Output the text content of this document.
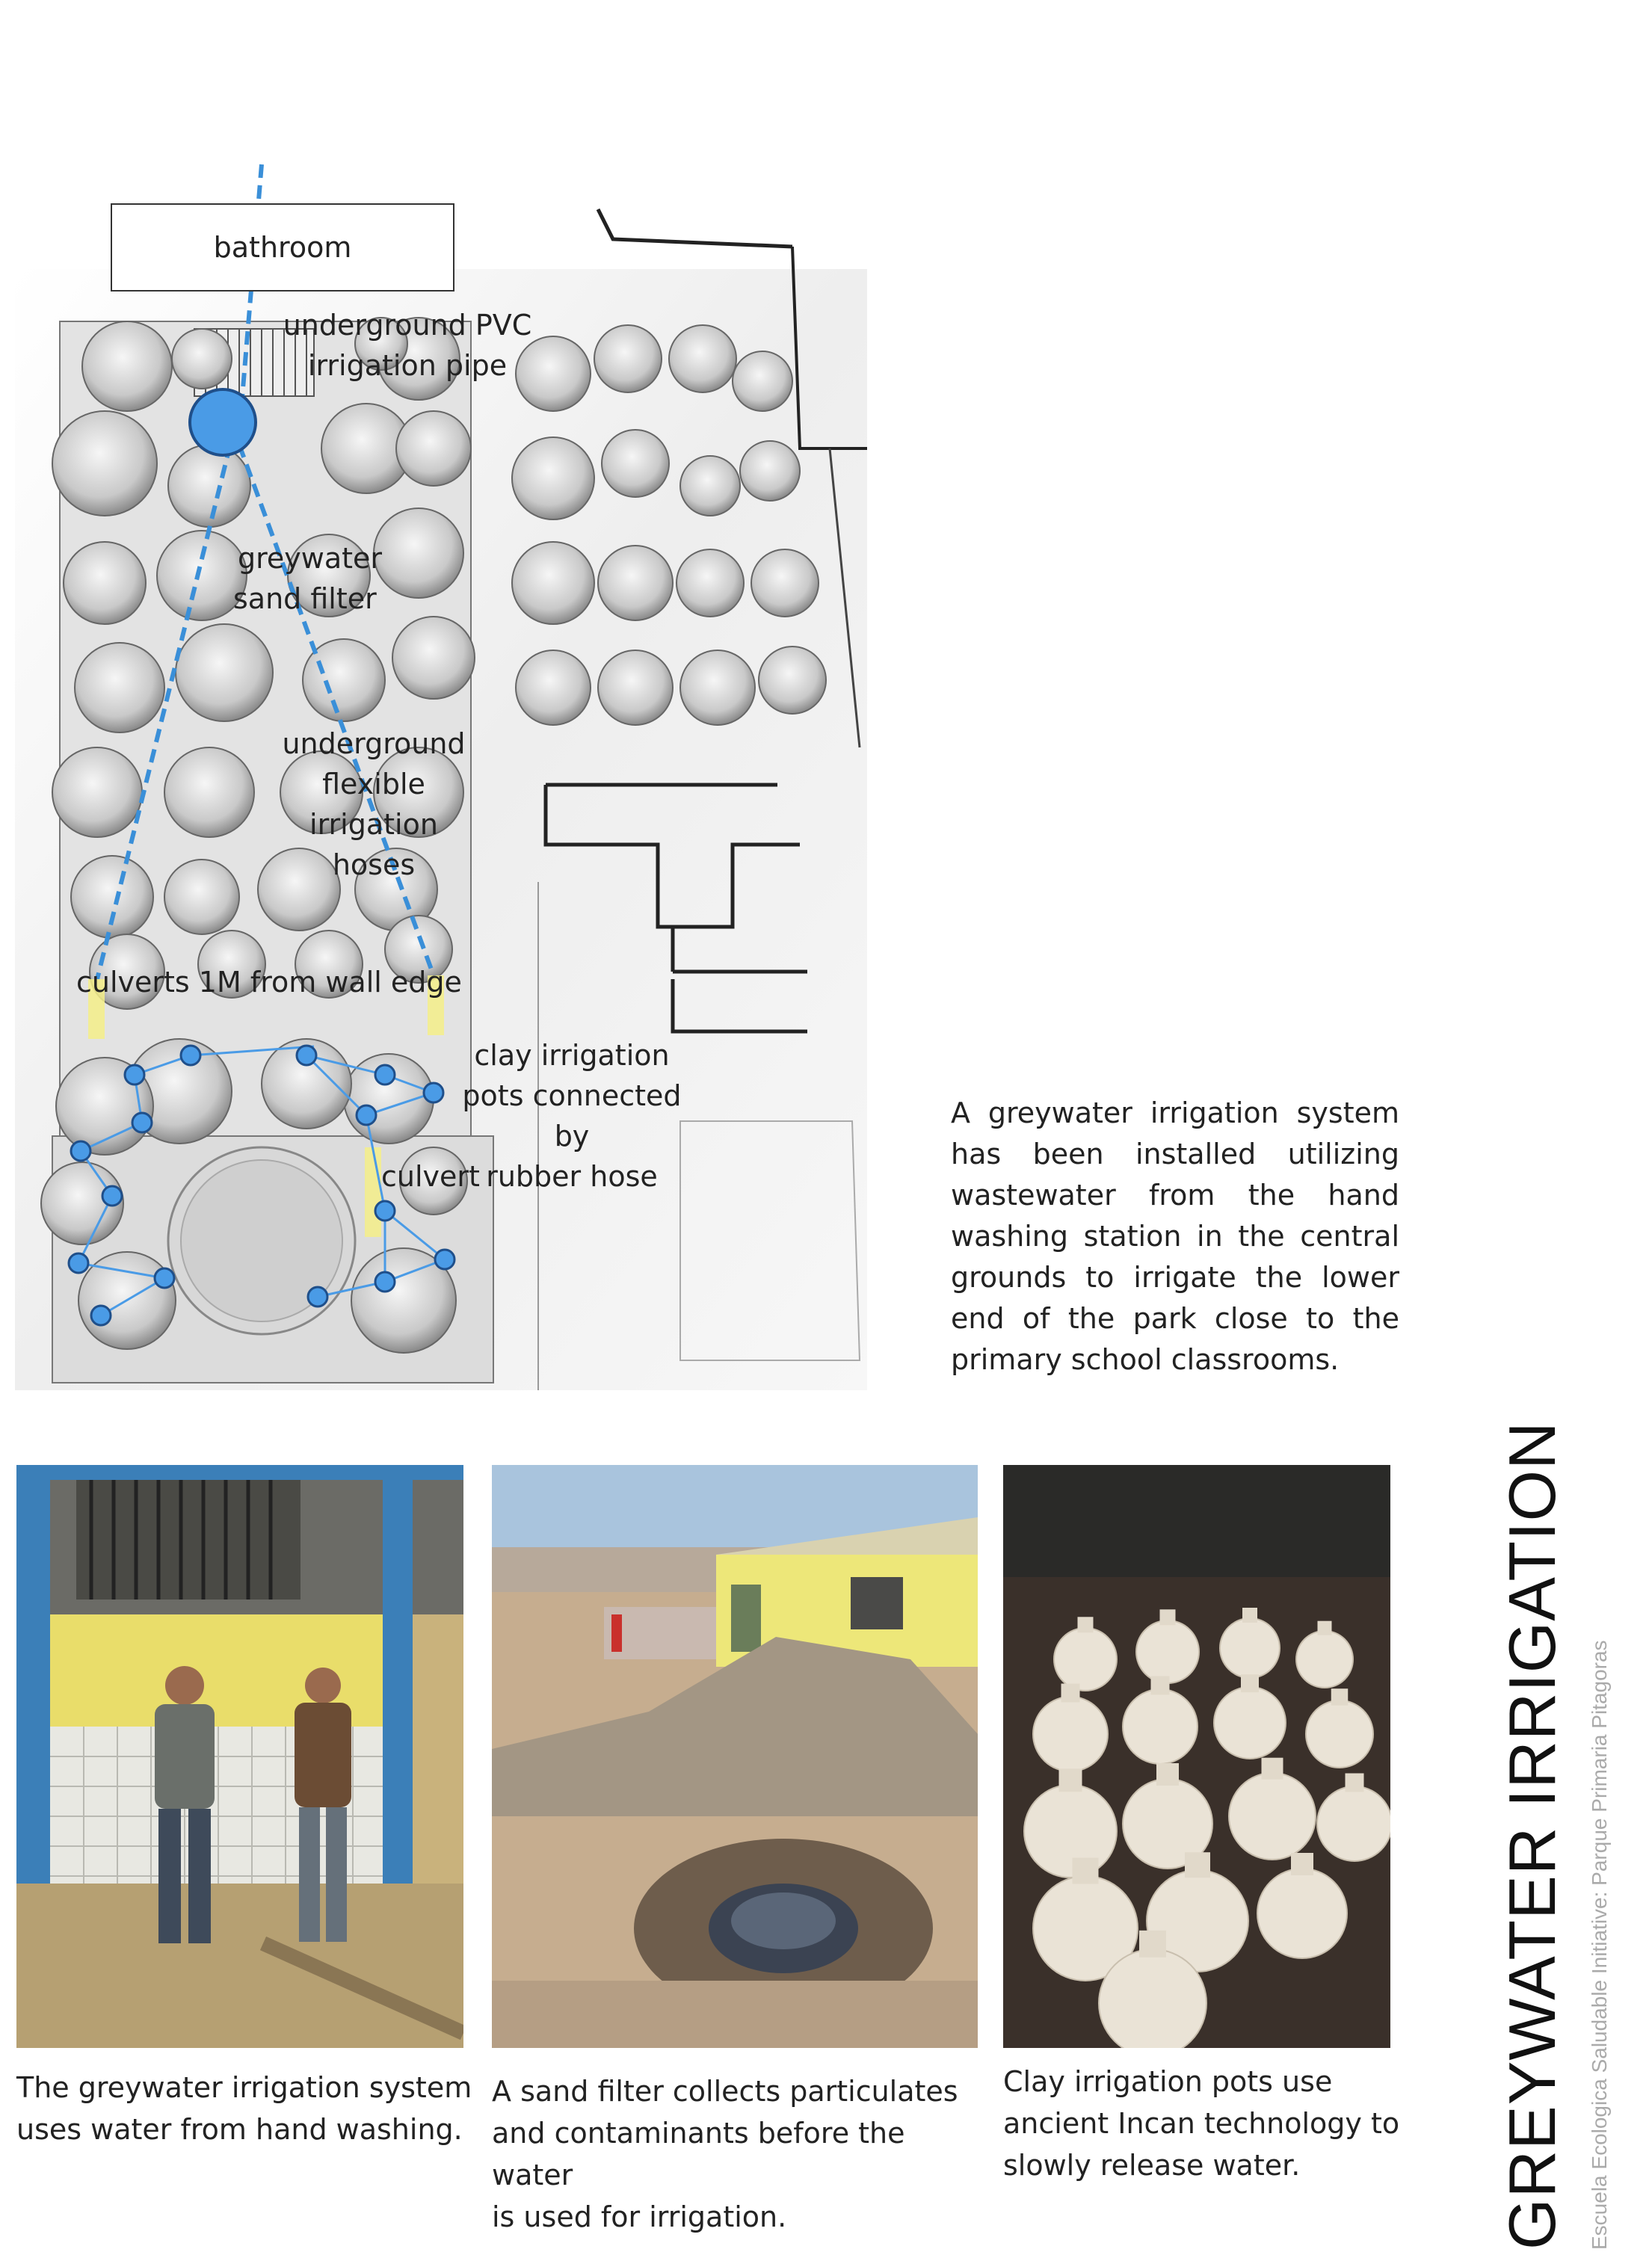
bathroom
underground PVC
irrigation pipe
greywater
sand filter
underground
flexible
irrigation
hoses
culverts 1M from wall edge
clay irrigation
pots connected by
rubber hose
culvert
A greywater irrigation system has been installed utilizing wastewater from the hand washing station in the central grounds to irrigate the lower end of the park close to the primary school classrooms.
The greywater irrigation system
uses water from hand washing.
A sand filter collects particulates
and contaminants before the water
is used for irrigation.
Clay irrigation pots use
ancient Incan technology to
slowly release water.	GREYWATER IRRIGATION Escuela Ecologica Saludable Initiative: Parque Primaria Pitagoras
